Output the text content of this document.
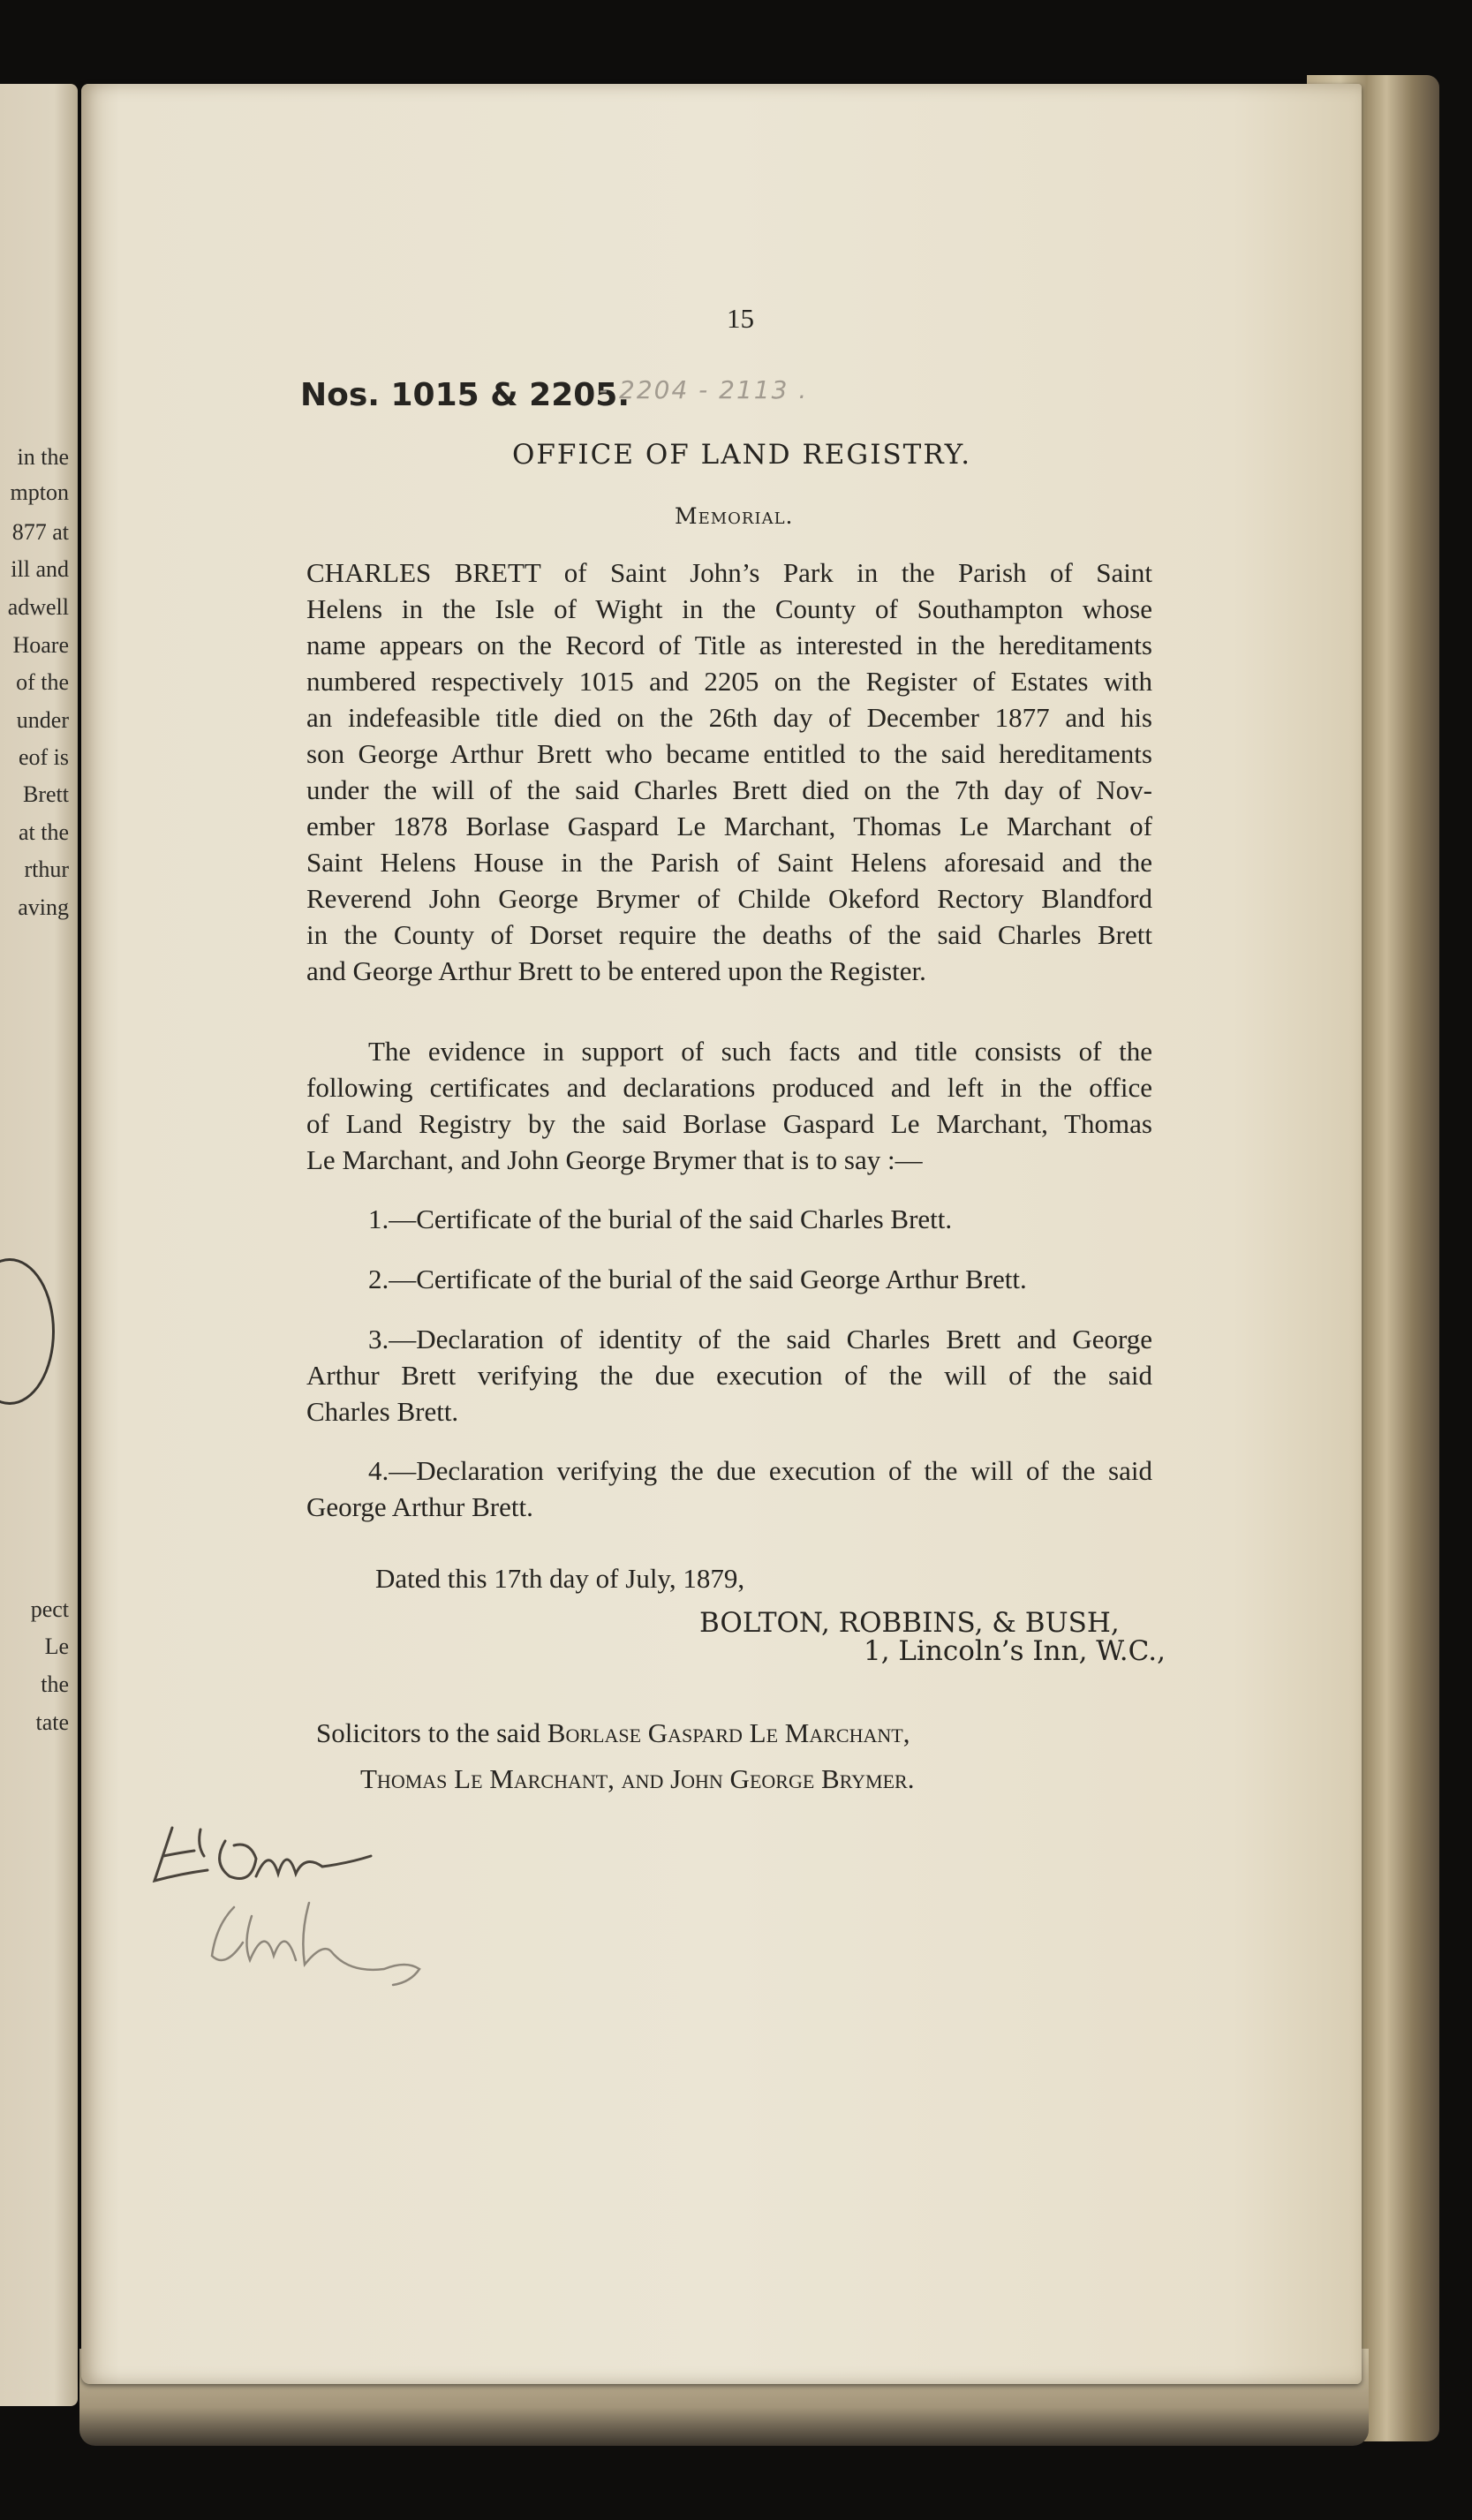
in the
mpton
877 at
ill and
adwell
Hoare
of the
under
eof is
Brett
at the
rthur
aving
pect
Le
the
tate
15
Nos. 1015 & 2205.
- 2204 - 2113 .
OFFICE OF LAND REGISTRY.
Memorial.
CHARLES BRETT of Saint John’s Park in the Parish of Saint
Helens in the Isle of Wight in the County of Southampton whose
name appears on the Record of Title as interested in the hereditaments
numbered respectively 1015 and 2205 on the Register of Estates with
an indefeasible title died on the 26th day of December 1877 and his
son George Arthur Brett who became entitled to the said hereditaments
under the will of the said Charles Brett died on the 7th day of Nov-
ember 1878 Borlase Gaspard Le Marchant, Thomas Le Marchant of
Saint Helens House in the Parish of Saint Helens aforesaid and the
Reverend John George Brymer of Childe Okeford Rectory Blandford
in the County of Dorset require the deaths of the said Charles Brett
and George Arthur Brett to be entered upon the Register.
The evidence in support of such facts and title consists of the
following certificates and declarations produced and left in the office
of Land Registry by the said Borlase Gaspard Le Marchant, Thomas
Le Marchant, and John George Brymer that is to say :—
1.—Certificate of the burial of the said Charles Brett.
2.—Certificate of the burial of the said George Arthur Brett.
3.—Declaration of identity of the said Charles Brett and George
Arthur Brett verifying the due execution of the will of the said
Charles Brett.
4.—Declaration verifying the due execution of the will of the said
George Arthur Brett.
Dated this 17th day of July, 1879,
BOLTON, ROBBINS, & BUSH,
1, Lincoln’s Inn, W.C.,
Solicitors to the said Borlase Gaspard Le Marchant,
Thomas Le Marchant, and John George Brymer.
